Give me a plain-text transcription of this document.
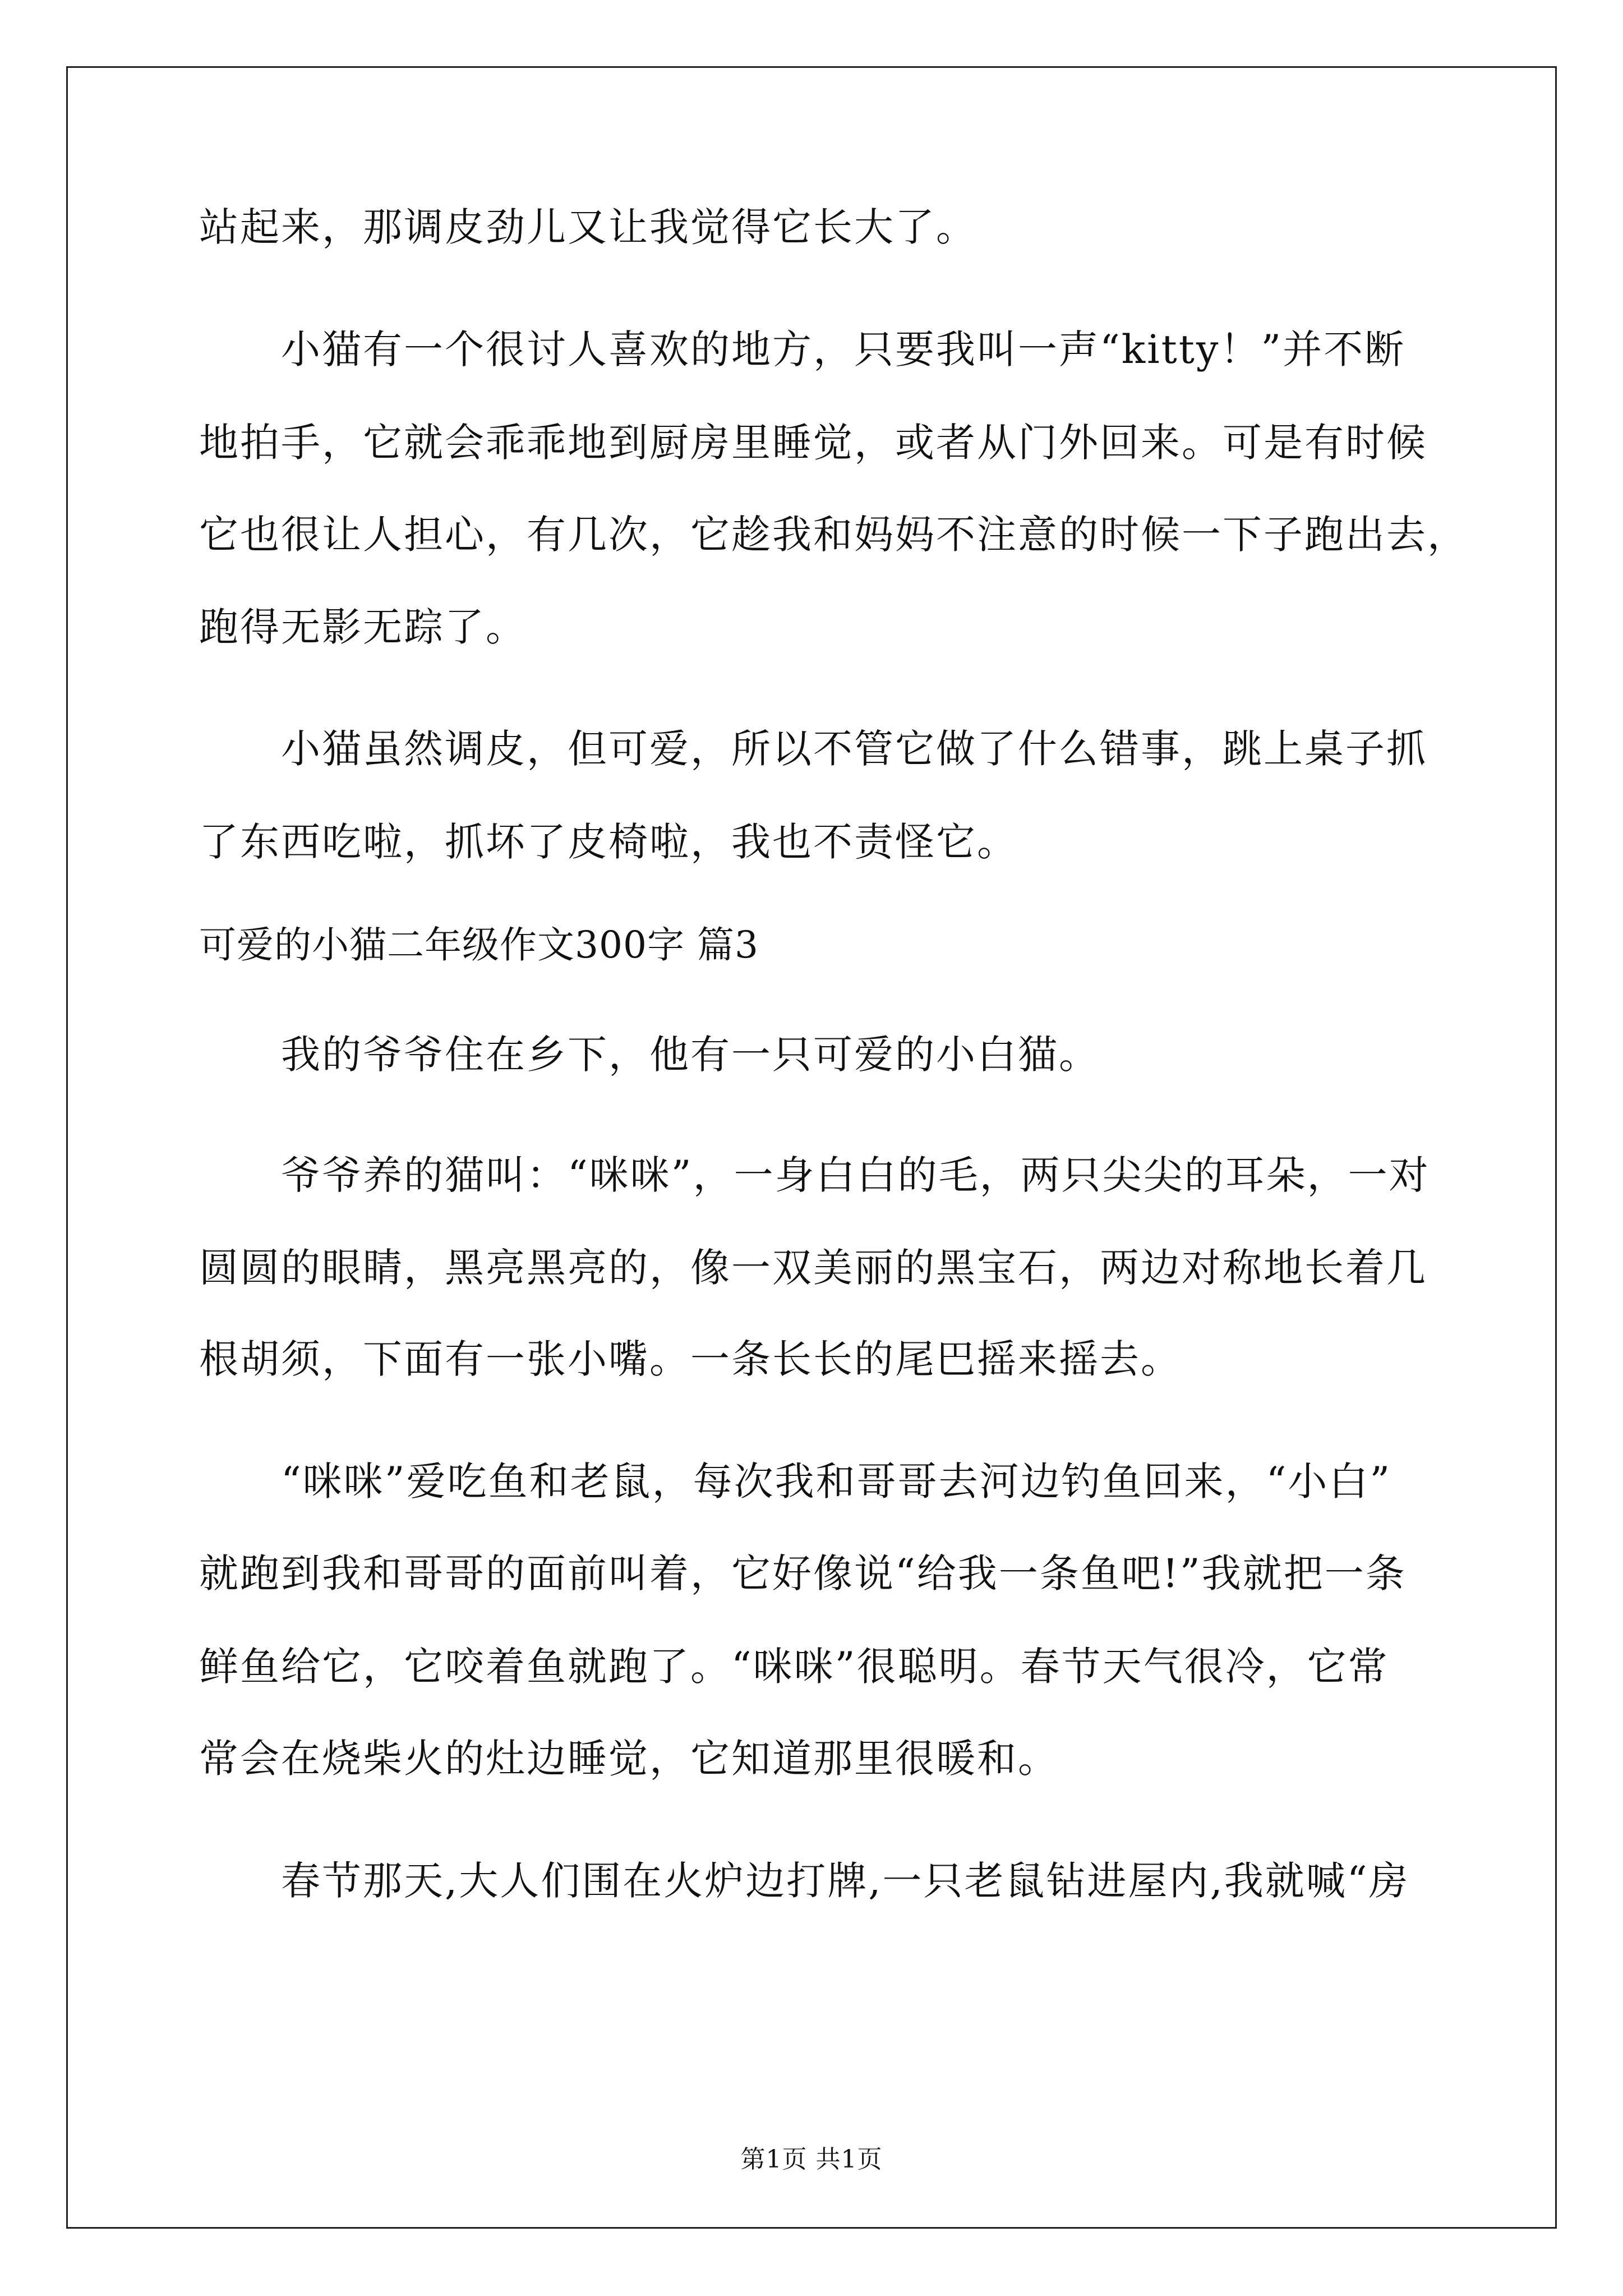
站起来，那调皮劲儿又让我觉得它长大了。
小猫有一个很讨人喜欢的地方，只要我叫一声“kitty！”并不断
地拍手，它就会乖乖地到厨房里睡觉，或者从门外回来。可是有时候
它也很让人担心，有几次，它趁我和妈妈不注意的时候一下子跑出去，
跑得无影无踪了。
小猫虽然调皮，但可爱，所以不管它做了什么错事，跳上桌子抓
了东西吃啦，抓坏了皮椅啦，我也不责怪它。
可爱的小猫二年级作文300字 篇3
我的爷爷住在乡下，他有一只可爱的小白猫。
爷爷养的猫叫：“咪咪”，一身白白的毛，两只尖尖的耳朵，一对
圆圆的眼睛，黑亮黑亮的，像一双美丽的黑宝石，两边对称地长着几
根胡须，下面有一张小嘴。一条长长的尾巴摇来摇去。
“咪咪”爱吃鱼和老鼠，每次我和哥哥去河边钓鱼回来，“小白”
就跑到我和哥哥的面前叫着，它好像说“给我一条鱼吧!”我就把一条
鲜鱼给它，它咬着鱼就跑了。“咪咪”很聪明。春节天气很冷，它常
常会在烧柴火的灶边睡觉，它知道那里很暖和。
春节那天,大人们围在火炉边打牌,一只老鼠钻进屋内,我就喊“房
第1页 共1页
